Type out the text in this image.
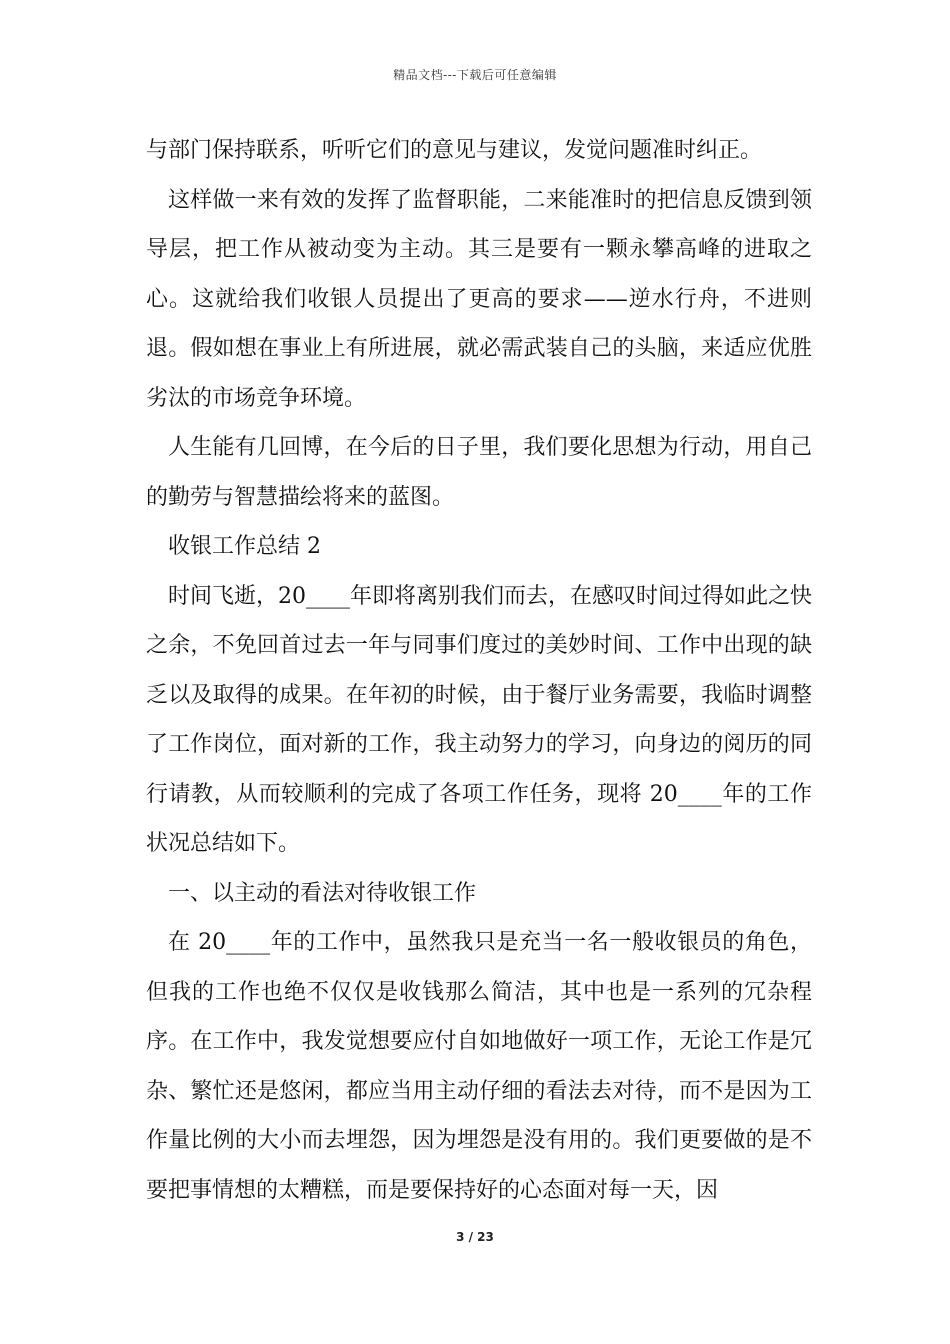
精品文档---下载后可任意编辑

与部门保持联系，听听它们的意见与建议，发觉问题准时纠正。

这样做一来有效的发挥了监督职能，二来能准时的把信息反馈到领导层，把工作从被动变为主动。其三是要有一颗永攀高峰的进取之心。这就给我们收银人员提出了更高的要求——逆水行舟，不进则退。假如想在事业上有所进展，就必需武装自己的头脑，来适应优胜劣汰的市场竞争环境。

人生能有几回博，在今后的日子里，我们要化思想为行动，用自己的勤劳与智慧描绘将来的蓝图。

收银工作总结 2

时间飞逝，20____年即将离别我们而去，在感叹时间过得如此之快之余，不免回首过去一年与同事们度过的美妙时间、工作中出现的缺乏以及取得的成果。在年初的时候，由于餐厅业务需要，我临时调整了工作岗位，面对新的工作，我主动努力的学习，向身边的阅历的同行请教，从而较顺利的完成了各项工作任务，现将 20____年的工作状况总结如下。

一、以主动的看法对待收银工作

在 20____年的工作中，虽然我只是充当一名一般收银员的角色，但我的工作也绝不仅仅是收钱那么简洁，其中也是一系列的冗杂程序。在工作中，我发觉想要应付自如地做好一项工作，无论工作是冗杂、繁忙还是悠闲，都应当用主动仔细的看法去对待，而不是因为工作量比例的大小而去埋怨，因为埋怨是没有用的。我们更要做的是不要把事情想的太糟糕，而是要保持好的心态面对每一天，因

3 / 23
